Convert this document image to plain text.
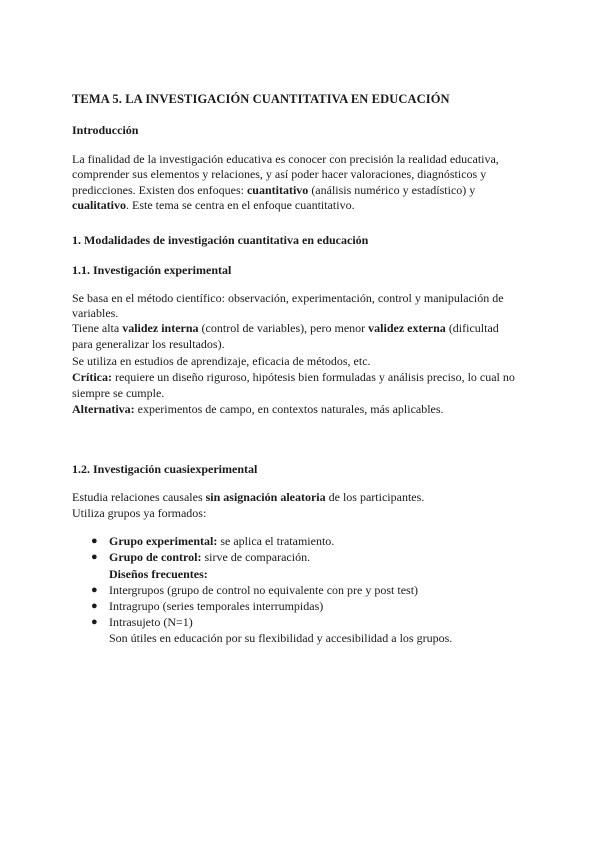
TEMA 5. LA INVESTIGACIÓN CUANTITATIVA EN EDUCACIÓN
Introducción
La finalidad de la investigación educativa es conocer con precisión la realidad educativa,
comprender sus elementos y relaciones, y así poder hacer valoraciones, diagnósticos y
predicciones. Existen dos enfoques: cuantitativo (análisis numérico y estadístico) y
cualitativo. Este tema se centra en el enfoque cuantitativo.
1. Modalidades de investigación cuantitativa en educación
1.1. Investigación experimental
Se basa en el método científico: observación, experimentación, control y manipulación de
variables.
Tiene alta validez interna (control de variables), pero menor validez externa (dificultad
para generalizar los resultados).
Se utiliza en estudios de aprendizaje, eficacia de métodos, etc.
Crítica: requiere un diseño riguroso, hipótesis bien formuladas y análisis preciso, lo cual no
siempre se cumple.
Alternativa: experimentos de campo, en contextos naturales, más aplicables.
1.2. Investigación cuasiexperimental
Estudia relaciones causales sin asignación aleatoria de los participantes.
Utiliza grupos ya formados:
● Grupo experimental: se aplica el tratamiento.
● Grupo de control: sirve de comparación.
Diseños frecuentes:
● Intergrupos (grupo de control no equivalente con pre y post test)
● Intragrupo (series temporales interrumpidas)
● Intrasujeto (N=1)
Son útiles en educación por su flexibilidad y accesibilidad a los grupos.
